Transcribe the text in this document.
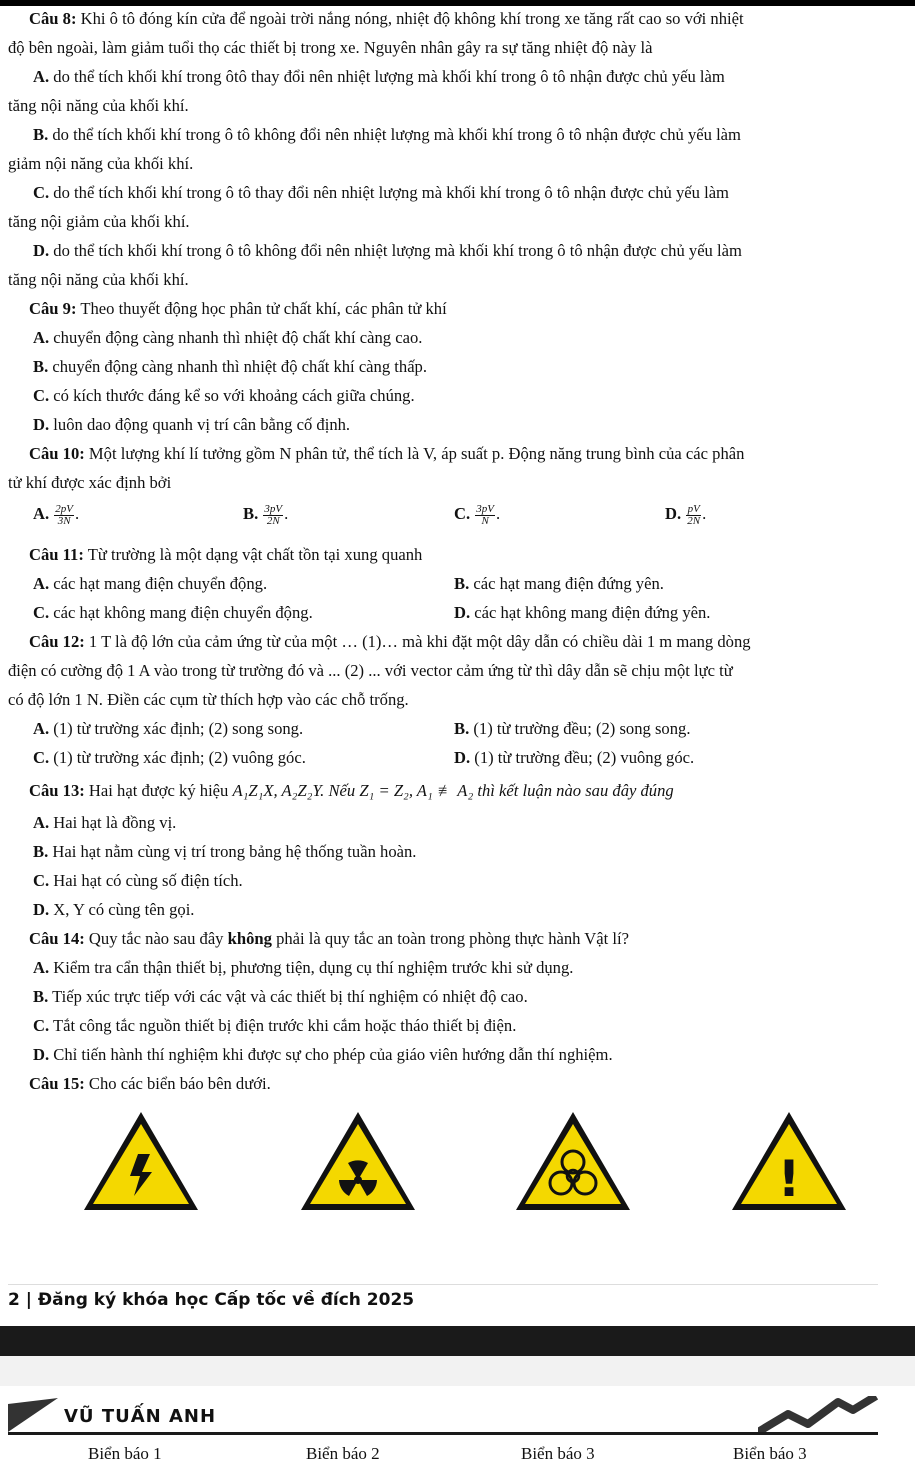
Câu 8: Khi ô tô đóng kín cửa để ngoài trời nắng nóng, nhiệt độ không khí trong xe tăng rất cao so với nhiệt
độ bên ngoài, làm giảm tuổi thọ các thiết bị trong xe. Nguyên nhân gây ra sự tăng nhiệt độ này là
A. do thể tích khối khí trong ôtô thay đổi nên nhiệt lượng mà khối khí trong ô tô nhận được chủ yếu làm
tăng nội năng của khối khí.
B. do thể tích khối khí trong ô tô không đổi nên nhiệt lượng mà khối khí trong ô tô nhận được chủ yếu làm
giảm nội năng của khối khí.
C. do thể tích khối khí trong ô tô thay đổi nên nhiệt lượng mà khối khí trong ô tô nhận được chủ yếu làm
tăng nội giảm của khối khí.
D. do thể tích khối khí trong ô tô không đổi nên nhiệt lượng mà khối khí trong ô tô nhận được chủ yếu làm
tăng nội năng của khối khí.
Câu 9: Theo thuyết động học phân tử chất khí, các phân tử khí
A. chuyển động càng nhanh thì nhiệt độ chất khí càng cao.
B. chuyển động càng nhanh thì nhiệt độ chất khí càng thấp.
C. có kích thước đáng kể so với khoảng cách giữa chúng.
D. luôn dao động quanh vị trí cân bằng cố định.
Câu 10: Một lượng khí lí tưởng gồm N phân tử, thể tích là V, áp suất p. Động năng trung bình của các phân
tử khí được xác định bởi
A. $\frac{2pV}{3N}$ .	B. $\frac{3pV}{2N}$ .	C. $\frac{3pV}{N}$ .	D. $\frac{pV}{2N}$ .
Câu 11: Từ trường là một dạng vật chất tồn tại xung quanh
A. các hạt mang điện chuyển động.	B. các hạt mang điện đứng yên.
C. các hạt không mang điện chuyển động.	D. các hạt không mang điện đứng yên.
Câu 12: 1 T là độ lớn của cảm ứng từ của một … (1)… mà khi đặt một dây dẫn có chiều dài 1 m mang dòng
điện có cường độ 1 A vào trong từ trường đó và ... (2) ... với vector cảm ứng từ thì dây dẫn sẽ chịu một lực từ
có độ lớn 1 N. Điền các cụm từ thích hợp vào các chỗ trống.
A. (1) từ trường xác định; (2) song song.	B. (1) từ trường đều; (2) song song.
C. (1) từ trường xác định; (2) vuông góc.	D. (1) từ trường đều; (2) vuông góc.
Câu 13: Hai hạt được ký hiệu A₁Z₁X, A₂Z₂Y. Nếu Z₁ = Z₂, A₁ ≢ A₂ thì kết luận nào sau đây đúng
A. Hai hạt là đồng vị.
B. Hai hạt nằm cùng vị trí trong bảng hệ thống tuần hoàn.
C. Hai hạt có cùng số điện tích.
D. X, Y có cùng tên gọi.
Câu 14: Quy tắc nào sau đây không phải là quy tắc an toàn trong phòng thực hành Vật lí?
A. Kiểm tra cẩn thận thiết bị, phương tiện, dụng cụ thí nghiệm trước khi sử dụng.
B. Tiếp xúc trực tiếp với các vật và các thiết bị thí nghiệm có nhiệt độ cao.
C. Tắt công tắc nguồn thiết bị điện trước khi cắm hoặc tháo thiết bị điện.
D. Chỉ tiến hành thí nghiệm khi được sự cho phép của giáo viên hướng dẫn thí nghiệm.
Câu 15: Cho các biển báo bên dưới.
!
2 | Đăng ký khóa học Cấp tốc về đích 2025
VŨ TUẤN ANH
Biển báo 1	Biển báo 2	Biển báo 3	Biển báo 3
